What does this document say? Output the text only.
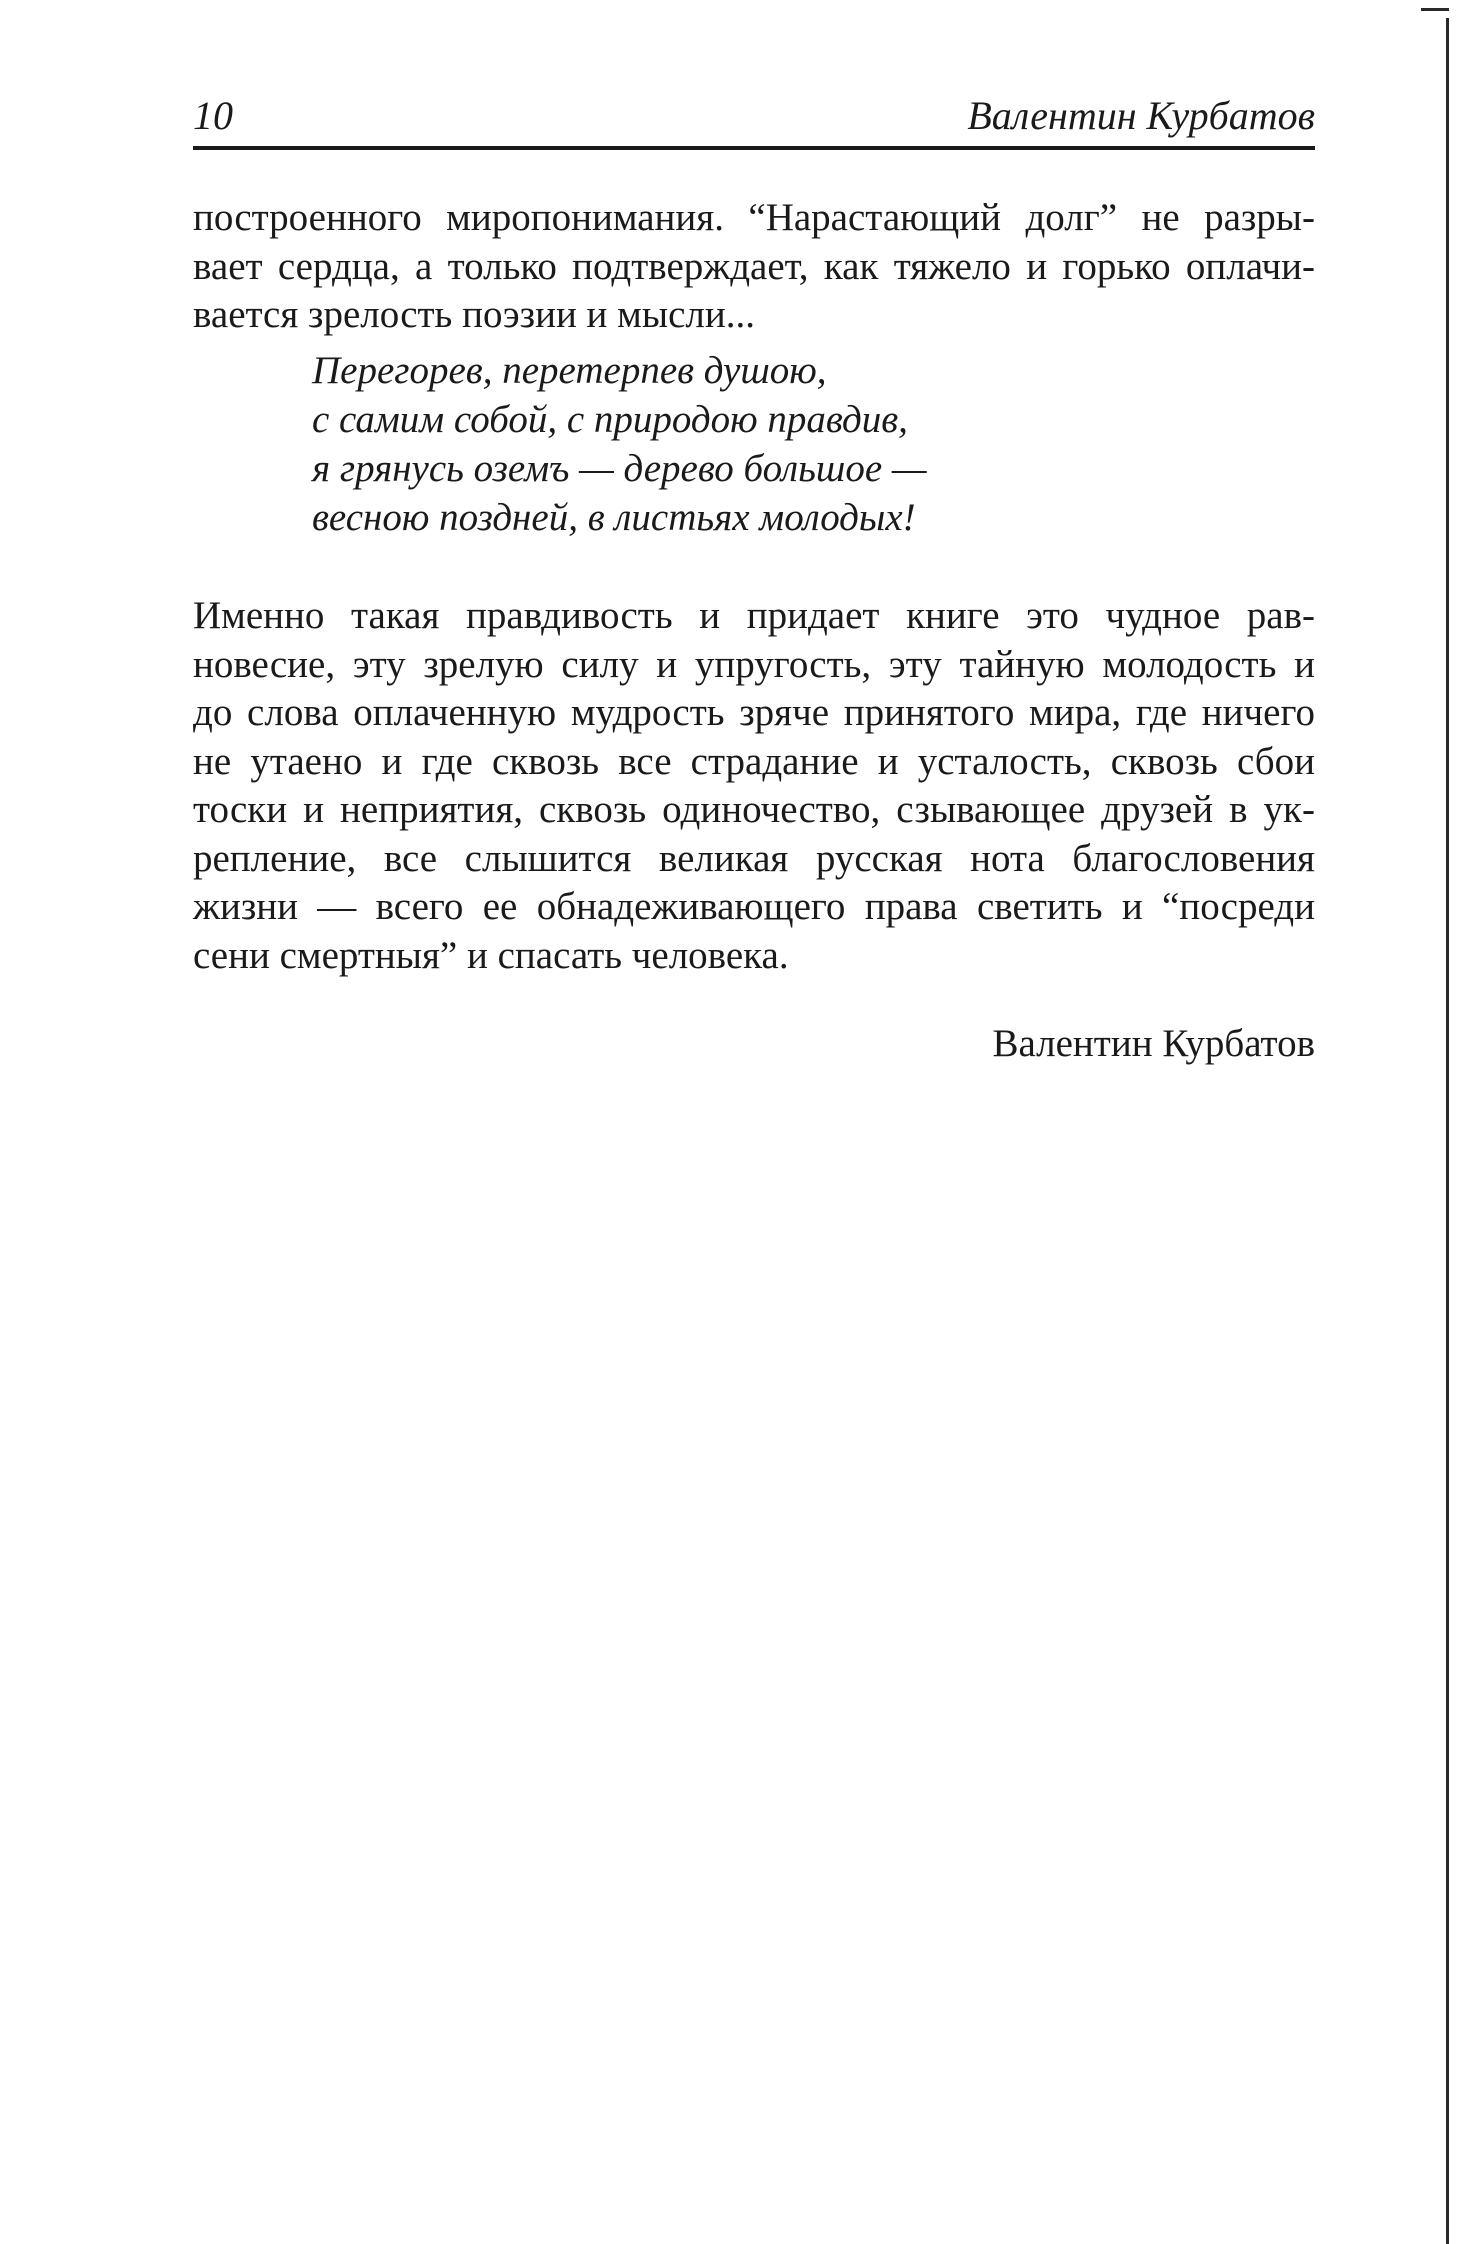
10	Валентин Курбатов
построенного миропонимания. “Нарастающий долг” не разры-
вает сердца, а только подтверждает, как тяжело и горько оплачи-
вается зрелость поэзии и мысли...
Перегорев, перетерпев душою,
с самим собой, с природою правдив,
я грянусь оземъ — дерево большое —
весною поздней, в листьях молодых!
Именно такая правдивость и придает книге это чудное рав-
новесие, эту зрелую силу и упругость, эту тайную молодость и
до слова оплаченную мудрость зряче принятого мира, где ничего
не утаено и где сквозь все страдание и усталость, сквозь сбои
тоски и неприятия, сквозь одиночество, сзывающее друзей в ук-
репление, все слышится великая русская нота благословения
жизни — всего ее обнадеживающего права светить и “посреди
сени смертныя” и спасать человека.
Валентин Курбатов
